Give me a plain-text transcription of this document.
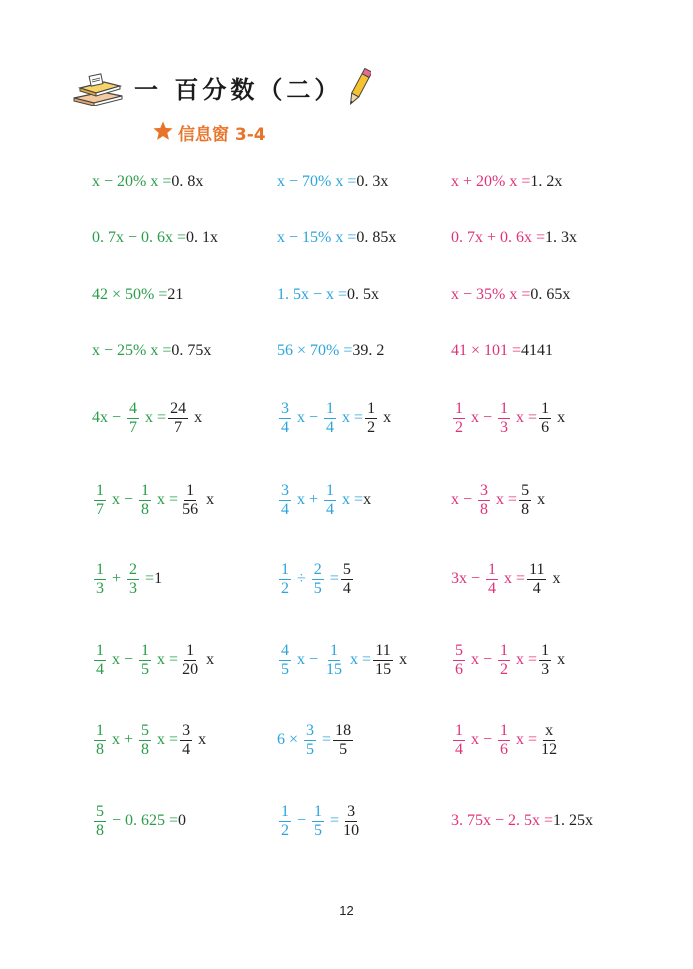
一 百分数（二）
信息窗 3-4
x − 20% x = 0. 8x	x − 70% x = 0. 3x	x + 20% x = 1. 2x
0. 7x − 0. 6x = 0. 1x	x − 15% x = 0. 85x	0. 7x + 0. 6x = 1. 3x
42 × 50% = 21	1. 5x − x = 0. 5x	x − 35% x = 0. 65x
x − 25% x = 0. 75x	56 × 70% = 39. 2	41 × 101 = 4141
$4x - \frac{4}{7}$ $x = \frac{24}{7}$ x	$\frac{3}{4}$ $x - \frac{1}{4}$ $x = \frac{1}{2}$ x	$\frac{1}{2}$ $x - \frac{1}{3}$ $x = \frac{1}{6}$ x
$\frac{1}{7}$ $x - \frac{1}{8}$ $x = \frac{1}{56}$ x	$\frac{3}{4}$ $x + \frac{1}{4}$ x = x	$x - \frac{3}{8}$ $x = \frac{5}{8}$ x
$\frac{1}{3} + \frac{2}{3} = 1$	$\frac{1}{2} \div \frac{2}{5} = \frac{5}{4}$	$3x - \frac{1}{4}$ $x = \frac{11}{4}$ x
$\frac{1}{4}$ $x - \frac{1}{5}$ $x = \frac{1}{20}$ x	$\frac{4}{5}$ $x - \frac{1}{15}$ $x = \frac{11}{15}$ x	$\frac{5}{6}$ $x - \frac{1}{2}$ $x = \frac{1}{3}$ x
$\frac{1}{8}$ $x + \frac{5}{8}$ $x = \frac{3}{4}$ x	$6 \times \frac{3}{5} = \frac{18}{5}$	$\frac{1}{4}$ $x - \frac{1}{6}$ $x = \frac{x}{12}$
$\frac{5}{8} - 0$. 625 = 0	$\frac{1}{2} - \frac{1}{5} = \frac{3}{10}$	3. 75x − 2. 5x = 1. 25x
12
